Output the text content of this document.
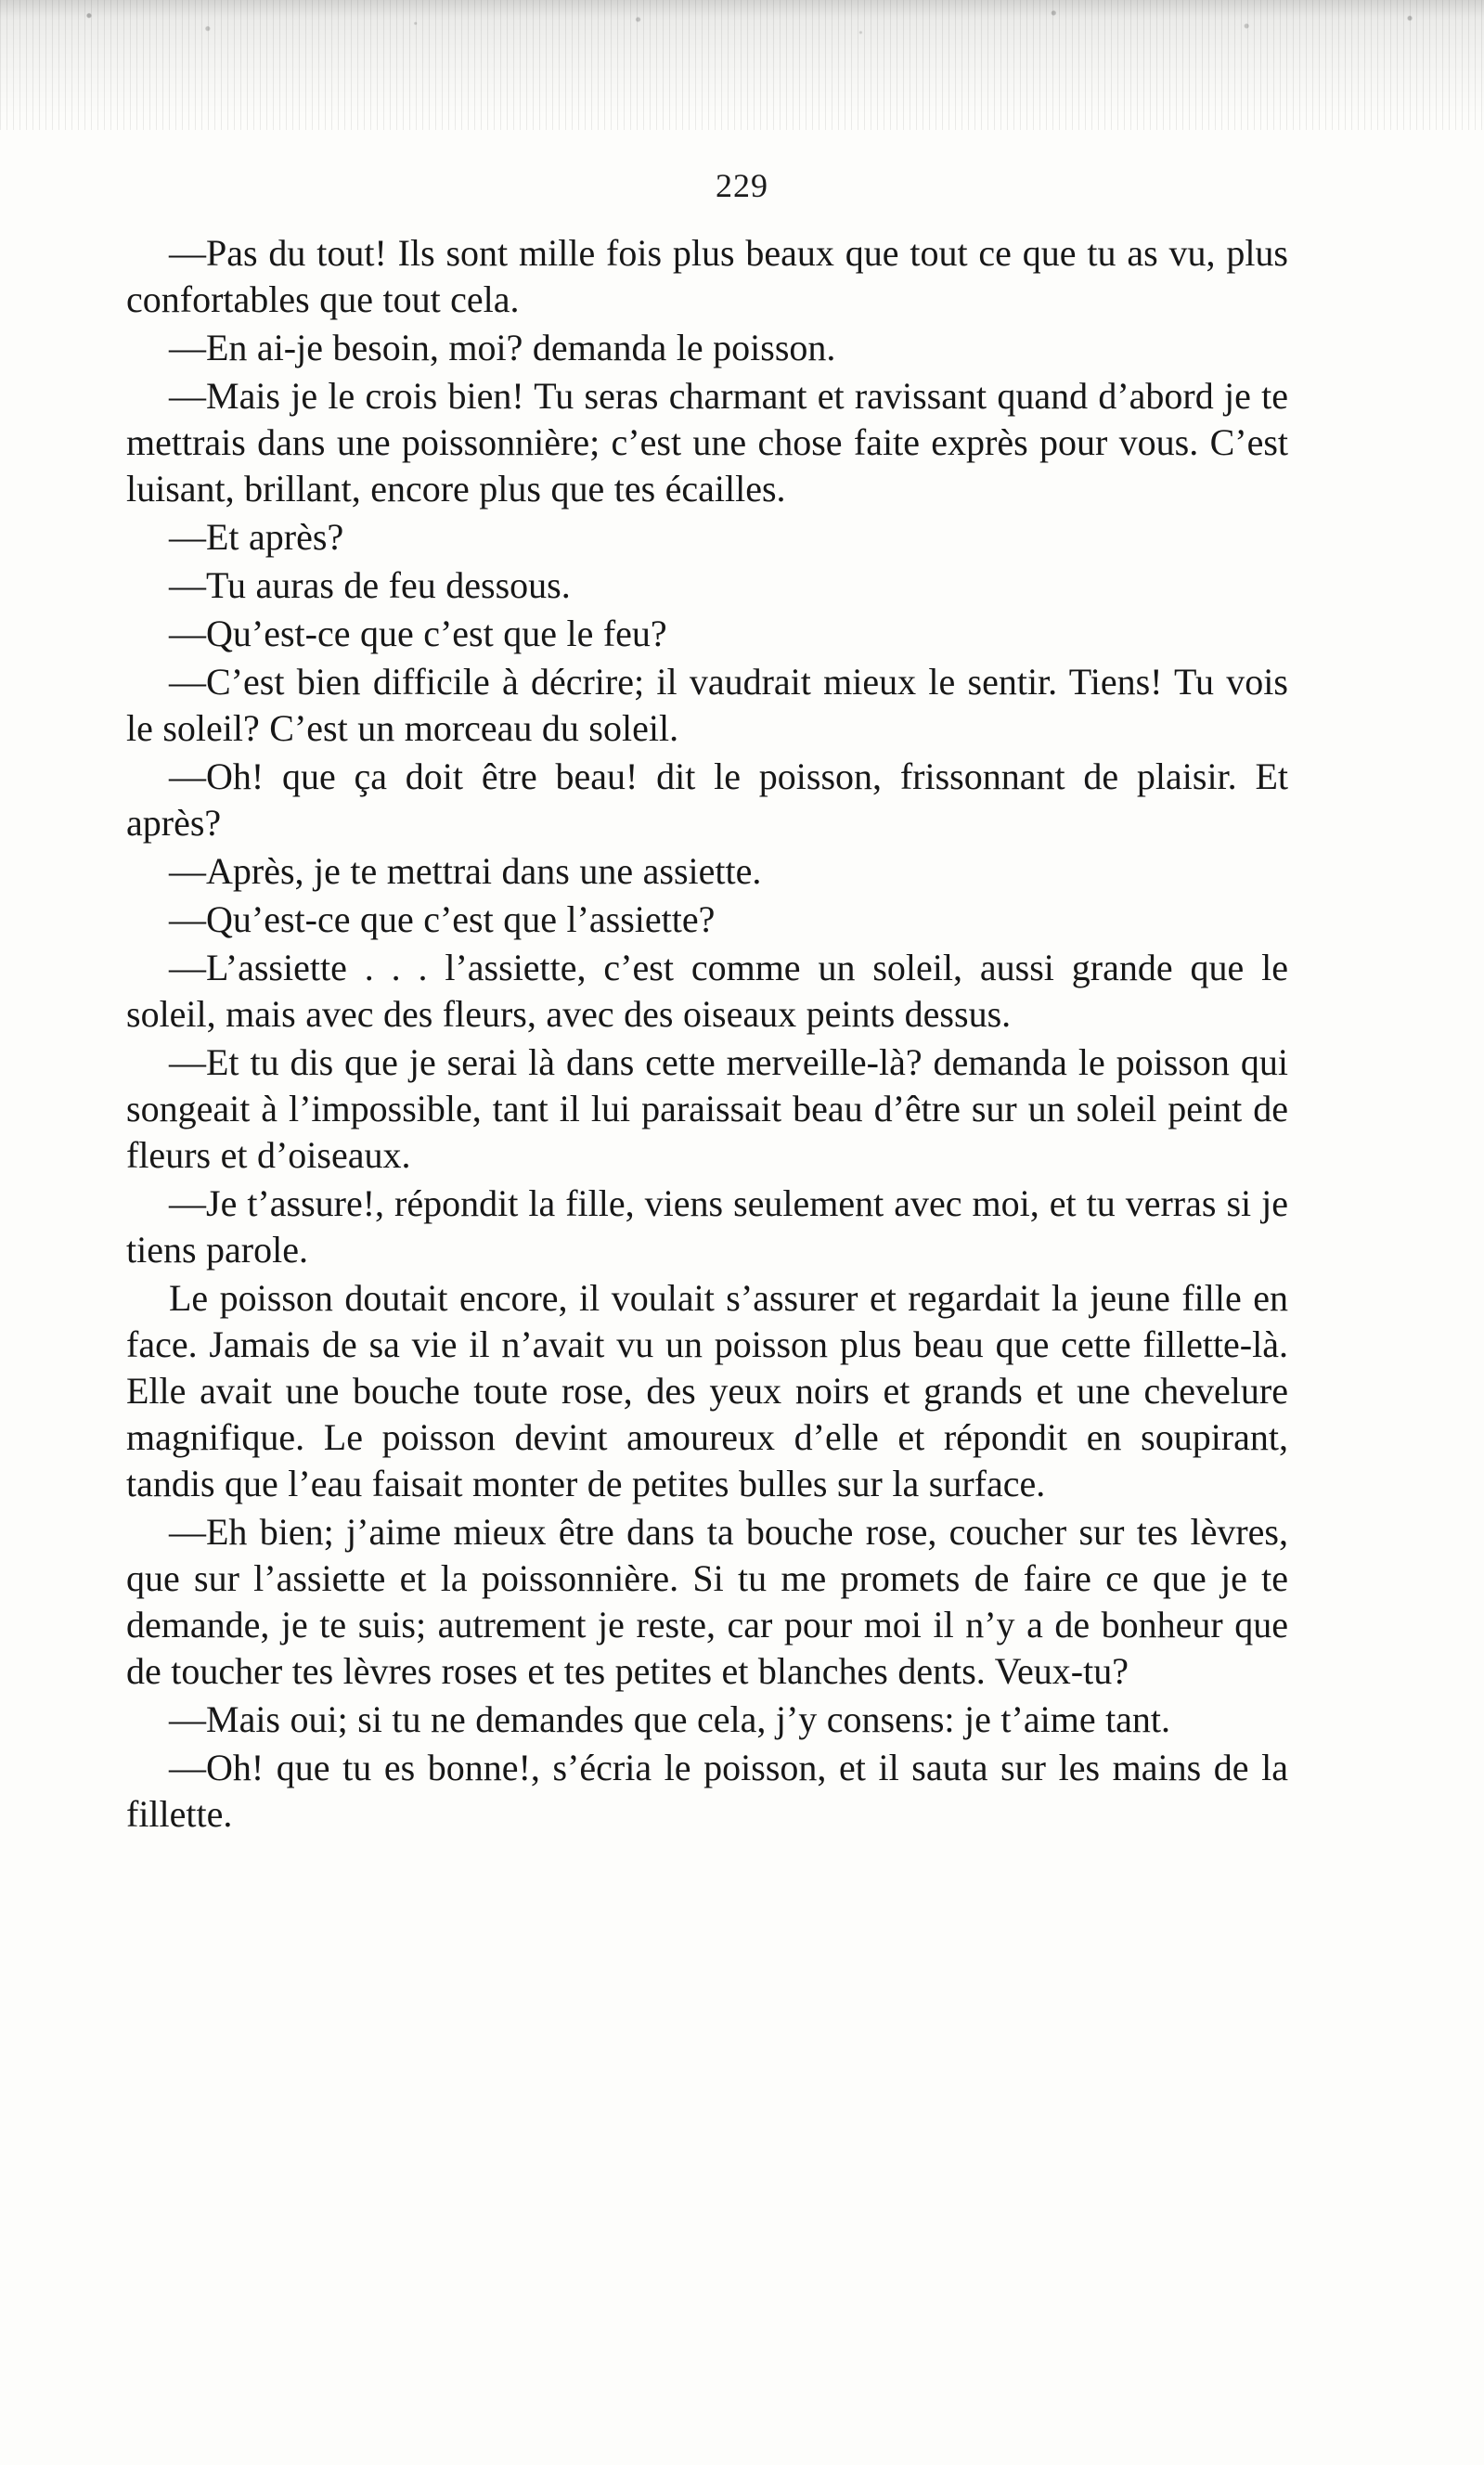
229

—Pas du tout! Ils sont mille fois plus beaux que tout ce que tu as vu, plus confortables que tout cela.

—En ai-je besoin, moi? demanda le poisson.

—Mais je le crois bien! Tu seras charmant et ravissant quand d’abord je te mettrais dans une poissonnière; c’est une chose faite exprès pour vous. C’est luisant, brillant, encore plus que tes écailles.

—Et après?

—Tu auras de feu dessous.

—Qu’est-ce que c’est que le feu?

—C’est bien difficile à décrire; il vaudrait mieux le sentir. Tiens! Tu vois le soleil? C’est un morceau du soleil.

—Oh! que ça doit être beau! dit le poisson, frissonnant de plaisir. Et après?

—Après, je te mettrai dans une assiette.

—Qu’est-ce que c’est que l’assiette?

—L’assiette . . . l’assiette, c’est comme un soleil, aussi grande que le soleil, mais avec des fleurs, avec des oiseaux peints dessus.

—Et tu dis que je serai là dans cette merveille-là? demanda le poisson qui songeait à l’impossible, tant il lui paraissait beau d’être sur un soleil peint de fleurs et d’oiseaux.

—Je t’assure!, répondit la fille, viens seulement avec moi, et tu verras si je tiens parole.

Le poisson doutait encore, il voulait s’assurer et regardait la jeune fille en face. Jamais de sa vie il n’avait vu un poisson plus beau que cette fillette-là. Elle avait une bouche toute rose, des yeux noirs et grands et une chevelure magnifique. Le poisson devint amoureux d’elle et répondit en soupirant, tandis que l’eau faisait monter de petites bulles sur la surface.

—Eh bien; j’aime mieux être dans ta bouche rose, coucher sur tes lèvres, que sur l’assiette et la poissonnière. Si tu me promets de faire ce que je te demande, je te suis; autrement je reste, car pour moi il n’y a de bonheur que de toucher tes lèvres roses et tes petites et blanches dents. Veux-tu?

—Mais oui; si tu ne demandes que cela, j’y consens: je t’aime tant.

—Oh! que tu es bonne!, s’écria le poisson, et il sauta sur les mains de la fillette.
